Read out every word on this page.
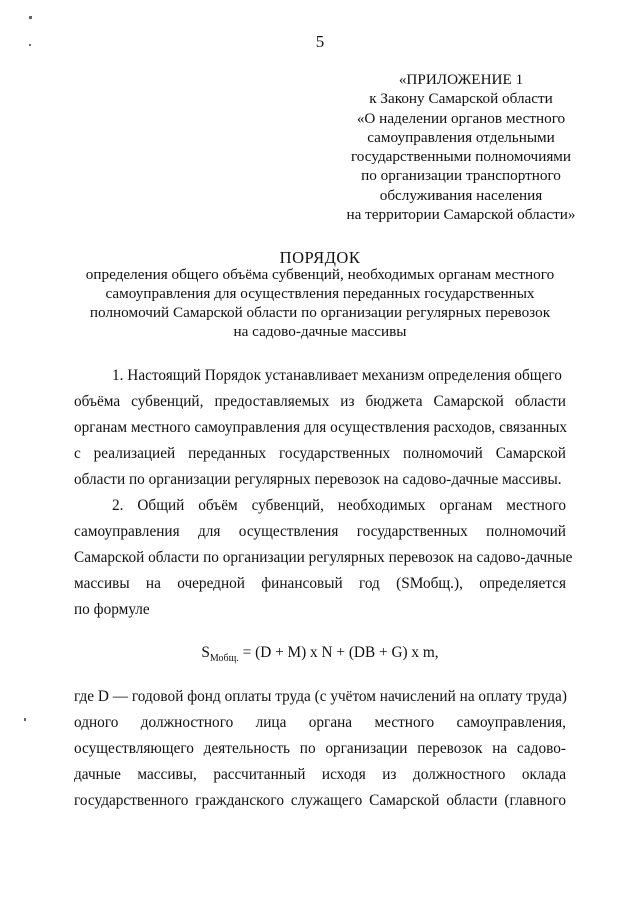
5
«ПРИЛОЖЕНИЕ 1
к Закону Самарской области
«О наделении органов местного
самоуправления отдельными
государственными полномочиями
по организации транспортного
обслуживания населения
на территории Самарской области»
ПОРЯДОК
определения общего объёма субвенций, необходимых органам местного
самоуправления для осуществления переданных государственных
полномочий Самарской области по организации регулярных перевозок
на садово-дачные массивы
1. Настоящий Порядок устанавливает механизм определения общего
объёма субвенций, предоставляемых из бюджета Самарской области
органам местного самоуправления для осуществления расходов, связанных
с реализацией переданных государственных полномочий Самарской
области по организации регулярных перевозок на садово-дачные массивы.
2. Общий объём субвенций, необходимых органам местного
самоуправления для осуществления государственных полномочий
Самарской области по организации регулярных перевозок на садово-дачные
массивы на очередной финансовый год (SМобщ.), определяется
по формуле
$S_{Мобщ.} = (D + M)$ x N + (DB + G) x m,
где D — годовой фонд оплаты труда (с учётом начислений на оплату труда)
одного должностного лица органа местного самоуправления,
осуществляющего деятельность по организации перевозок на садово-
дачные массивы, рассчитанный исходя из должностного оклада
государственного гражданского служащего Самарской области (главного
